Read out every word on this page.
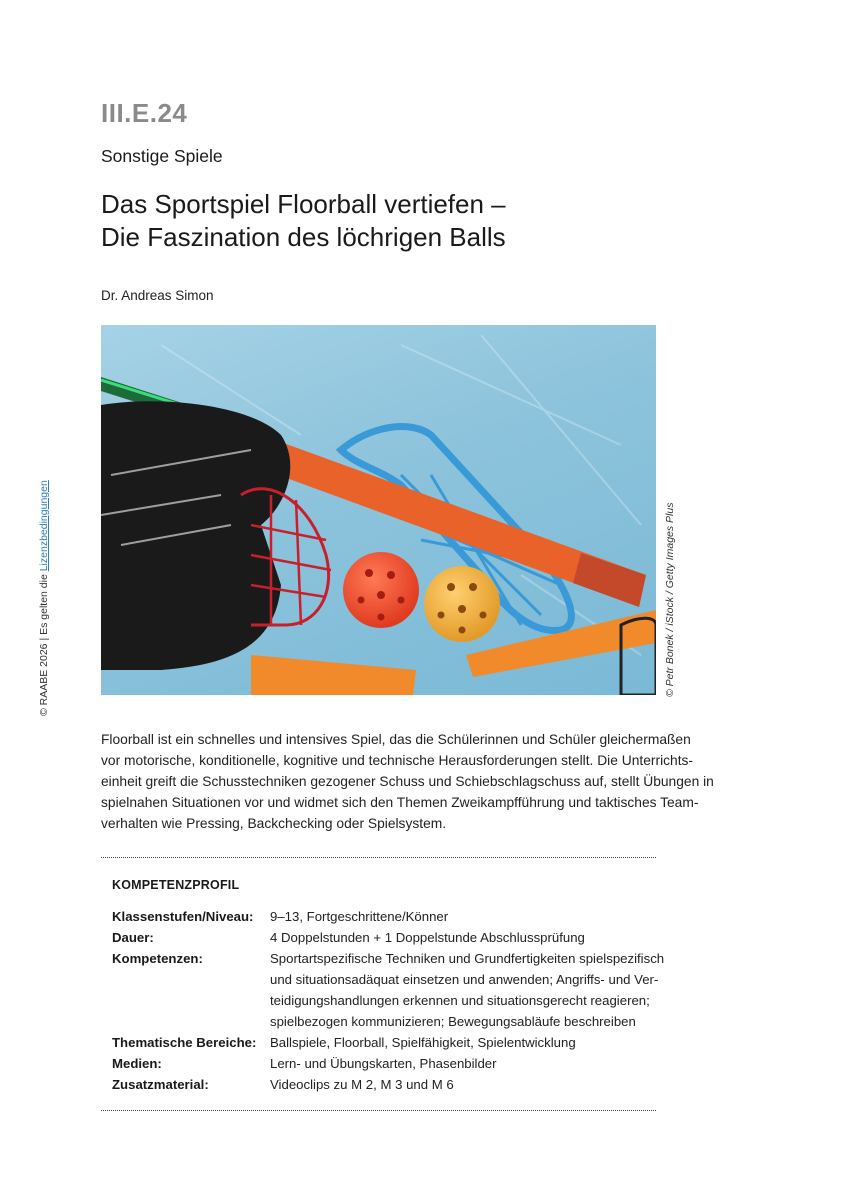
III.E.24
Sonstige Spiele
Das Sportspiel Floorball vertiefen –
Die Faszination des löchrigen Balls
Dr. Andreas Simon
© Petr Bonek / iStock / Getty Images Plus
© RAABE 2026 | Es gelten die Lizenzbedingungen
Floorball ist ein schnelles und intensives Spiel, das die Schülerinnen und Schüler gleichermaßen
vor motorische, konditionelle, kognitive und technische Herausforderungen stellt. Die Unterrichts-
einheit greift die Schusstechniken gezogener Schuss und Schiebschlagschuss auf, stellt Übungen in
spielnahen Situationen vor und widmet sich den Themen Zweikampfführung und taktisches Team-
verhalten wie Pressing, Backchecking oder Spielsystem.
KOMPETENZPROFIL
Klassenstufen/Niveau:	9–13, Fortgeschrittene/Könner
Dauer:	4 Doppelstunden + 1 Doppelstunde Abschlussprüfung
Kompetenzen:	Sportartspezifische Techniken und Grundfertigkeiten spielspezifisch
und situationsadäquat einsetzen und anwenden; Angriffs- und Ver-
teidigungshandlungen erkennen und situationsgerecht reagieren;
spielbezogen kommunizieren; Bewegungsabläufe beschreiben
Thematische Bereiche:	Ballspiele, Floorball, Spielfähigkeit, Spielentwicklung
Medien:	Lern- und Übungskarten, Phasenbilder
Zusatzmaterial:	Videoclips zu M 2, M 3 und M 6
